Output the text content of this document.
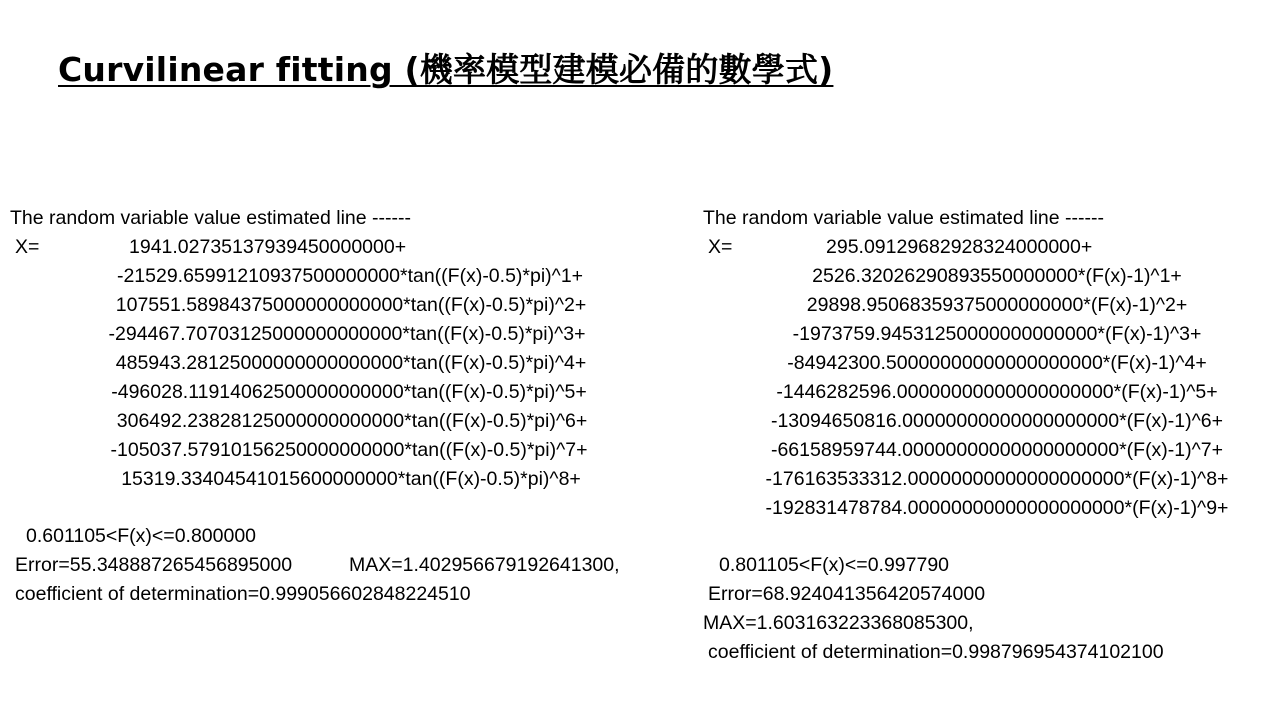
Curvilinear fitting (機率模型建模必備的數學式)
The random variable value estimated line ------
X=	1941.02735137939450000000+
-21529.65991210937500000000*tan((F(x)-0.5)*pi)^1+
107551.58984375000000000000*tan((F(x)-0.5)*pi)^2+
-294467.70703125000000000000*tan((F(x)-0.5)*pi)^3+
485943.28125000000000000000*tan((F(x)-0.5)*pi)^4+
-496028.11914062500000000000*tan((F(x)-0.5)*pi)^5+
306492.23828125000000000000*tan((F(x)-0.5)*pi)^6+
-105037.57910156250000000000*tan((F(x)-0.5)*pi)^7+
15319.33404541015600000000*tan((F(x)-0.5)*pi)^8+
0.601105<F(x)<=0.800000
Error=55.348887265456895000	MAX=1.402956679192641300,
coefficient of determination=0.999056602848224510
The random variable value estimated line ------
X=	295.09129682928324000000+
2526.32026290893550000000*(F(x)-1)^1+
29898.95068359375000000000*(F(x)-1)^2+
-1973759.94531250000000000000*(F(x)-1)^3+
-84942300.50000000000000000000*(F(x)-1)^4+
-1446282596.00000000000000000000*(F(x)-1)^5+
-13094650816.00000000000000000000*(F(x)-1)^6+
-66158959744.00000000000000000000*(F(x)-1)^7+
-176163533312.00000000000000000000*(F(x)-1)^8+
-192831478784.00000000000000000000*(F(x)-1)^9+
0.801105<F(x)<=0.997790
Error=68.924041356420574000
MAX=1.603163223368085300,
coefficient of determination=0.998796954374102100
